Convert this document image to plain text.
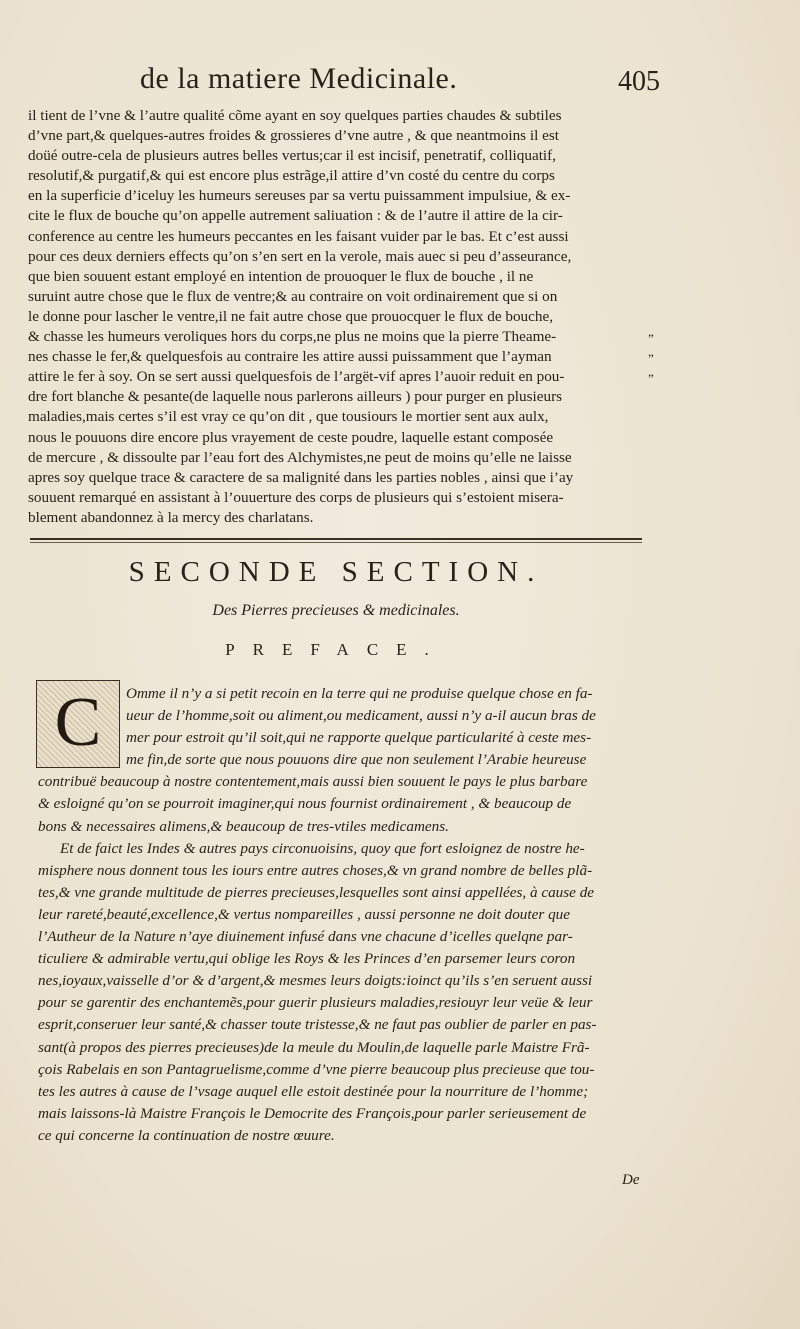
de la matiere Medicinale.	405

il tient de l’vne & l’autre qualité cõme ayant en soy quelques parties chaudes & subtiles

d’vne part,& quelques-autres froides & grossieres d’vne autre , & que neantmoins il est

doüé outre-cela de plusieurs autres belles vertus;car il est incisif, penetratif, colliquatif,

resolutif,& purgatif,& qui est encore plus estrãge,il attire d’vn costé du centre du corps

en la superficie d’iceluy les humeurs sereuses par sa vertu puissamment impulsiue, & ex-

cite le flux de bouche qu’on appelle autrement saliuation : & de l’autre il attire de la cir-

conference au centre les humeurs peccantes en les faisant vuider par le bas. Et c’est aussi

pour ces deux derniers effects qu’on s’en sert en la verole, mais auec si peu d’asseurance,

que bien souuent estant employé en intention de prouoquer le flux de bouche , il ne

suruint autre chose que le flux de ventre;& au contraire on voit ordinairement que si on

le donne pour lascher le ventre,il ne fait autre chose que prouocquer le flux de bouche,

& chasse les humeurs veroliques hors du corps,ne plus ne moins que la pierre Theame-

nes chasse le fer,& quelquesfois au contraire les attire aussi puissamment que l’ayman

attire le fer à soy. On se sert aussi quelquesfois de l’argët-vif apres l’auoir reduit en pou-

dre fort blanche & pesante(de laquelle nous parlerons ailleurs ) pour purger en plusieurs

maladies,mais certes s’il est vray ce qu’on dit , que tousiours le mortier sent aux aulx,

nous le pouuons dire encore plus vrayement de ceste poudre, laquelle estant composée

de mercure , & dissoulte par l’eau fort des Alchymistes,ne peut de moins qu’elle ne laisse

apres soy quelque trace & caractere de sa malignité dans les parties nobles , ainsi que i’ay

souuent remarqué en assistant à l’ouuerture des corps de plusieurs qui s’estoient misera-

blement abandonnez à la mercy des charlatans.

„
„
„
SECONDE SECTION.
Des Pierres precieuses & medicinales.
PREFACE.
C	Omme il n’y a si petit recoin en la terre qui ne produise quelque chose en fa-

ueur de l’homme,soit ou aliment,ou medicament, aussi n’y a-il aucun bras de

mer pour estroit qu’il soit,qui ne rapporte quelque particularité à ceste mes-

me fin,de sorte que nous pouuons dire que non seulement l’Arabie heureuse

contribuë beaucoup à nostre contentement,mais aussi bien souuent le pays le plus barbare

& esloigné qu’on se pourroit imaginer,qui nous fournist ordinairement , & beaucoup de

bons & necessaires alimens,& beaucoup de tres-vtiles medicamens.

Et de faict les Indes & autres pays circonuoisins, quoy que fort esloignez de nostre he-

misphere nous donnent tous les iours entre autres choses,& vn grand nombre de belles plã-

tes,& vne grande multitude de pierres precieuses,lesquelles sont ainsi appellées, à cause de

leur rareté,beauté,excellence,& vertus nompareilles , aussi personne ne doit douter que

l’Autheur de la Nature n’aye diuinement infusé dans vne chacune d’icelles quelqne par-

ticuliere & admirable vertu,qui oblige les Roys & les Princes d’en parsemer leurs coron

nes,ioyaux,vaisselle d’or & d’argent,& mesmes leurs doigts:ioinct qu’ils s’en seruent aussi

pour se garentir des enchantemẽs,pour guerir plusieurs maladies,resiouyr leur veüe & leur

esprit,conseruer leur santé,& chasser toute tristesse,& ne faut pas oublier de parler en pas-

sant(à propos des pierres precieuses)de la meule du Moulin,de laquelle parle Maistre Frã-

çois Rabelais en son Pantagruelisme,comme d’vne pierre beaucoup plus precieuse que tou-

tes les autres à cause de l’vsage auquel elle estoit destinée pour la nourriture de l’homme;

mais laissons-là Maistre François le Democrite des François,pour parler serieusement de

ce qui concerne la continuation de nostre œuure.

De
